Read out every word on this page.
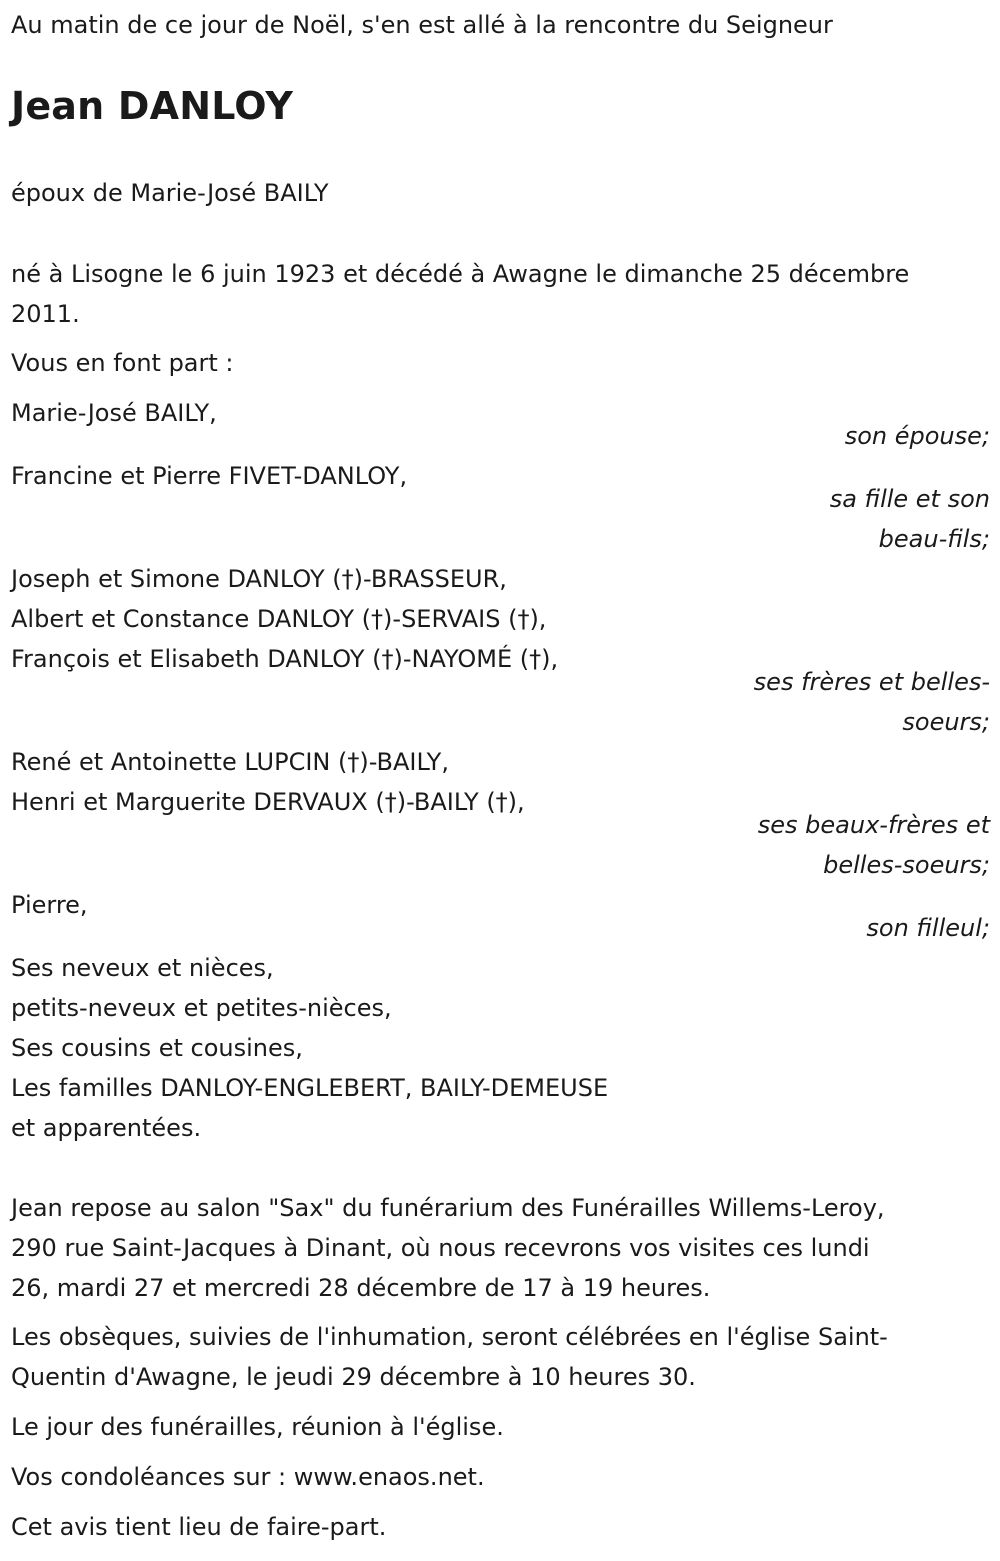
Au matin de ce jour de Noël, s'en est allé à la rencontre du Seigneur
Jean DANLOY
époux de Marie-José BAILY
né à Lisogne le 6 juin 1923 et décédé à Awagne le dimanche 25 décembre
2011.
Vous en font part :
Marie-José BAILY,
son épouse;
Francine et Pierre FIVET-DANLOY,
sa fille et son
beau-fils;
Joseph et Simone DANLOY (†)-BRASSEUR,
Albert et Constance DANLOY (†)-SERVAIS (†),
François et Elisabeth DANLOY (†)-NAYOMÉ (†),
ses frères et belles-
soeurs;
René et Antoinette LUPCIN (†)-BAILY,
Henri et Marguerite DERVAUX (†)-BAILY (†),
ses beaux-frères et
belles-soeurs;
Pierre,
son filleul;
Ses neveux et nièces,
petits-neveux et petites-nièces,
Ses cousins et cousines,
Les familles DANLOY-ENGLEBERT, BAILY-DEMEUSE
et apparentées.
Jean repose au salon "Sax" du funérarium des Funérailles Willems-Leroy,
290 rue Saint-Jacques à Dinant, où nous recevrons vos visites ces lundi
26, mardi 27 et mercredi 28 décembre de 17 à 19 heures.
Les obsèques, suivies de l'inhumation, seront célébrées en l'église Saint-
Quentin d'Awagne, le jeudi 29 décembre à 10 heures 30.
Le jour des funérailles, réunion à l'église.
Vos condoléances sur : www.enaos.net.
Cet avis tient lieu de faire-part.
